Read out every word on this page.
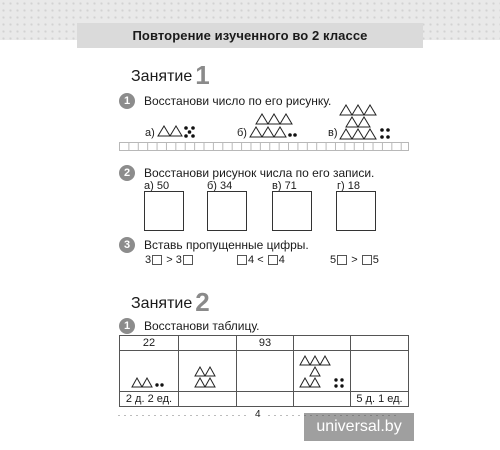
Повторение изученного во 2 классе
Занятие 1
1	Восстанови число по его рисунку.
а)	б)	в)
2	Восстанови рисунок числа по его записи.
а) 50	б) 34	в) 71	г) 18
3	Вставь пропущенные цифры.
3 > 3	4 < 4	5 > 5
Занятие 2
1	Восстанови таблицу.
22		93		

2 д. 2 ед.				5 д. 1 ед.
4
universal.by
